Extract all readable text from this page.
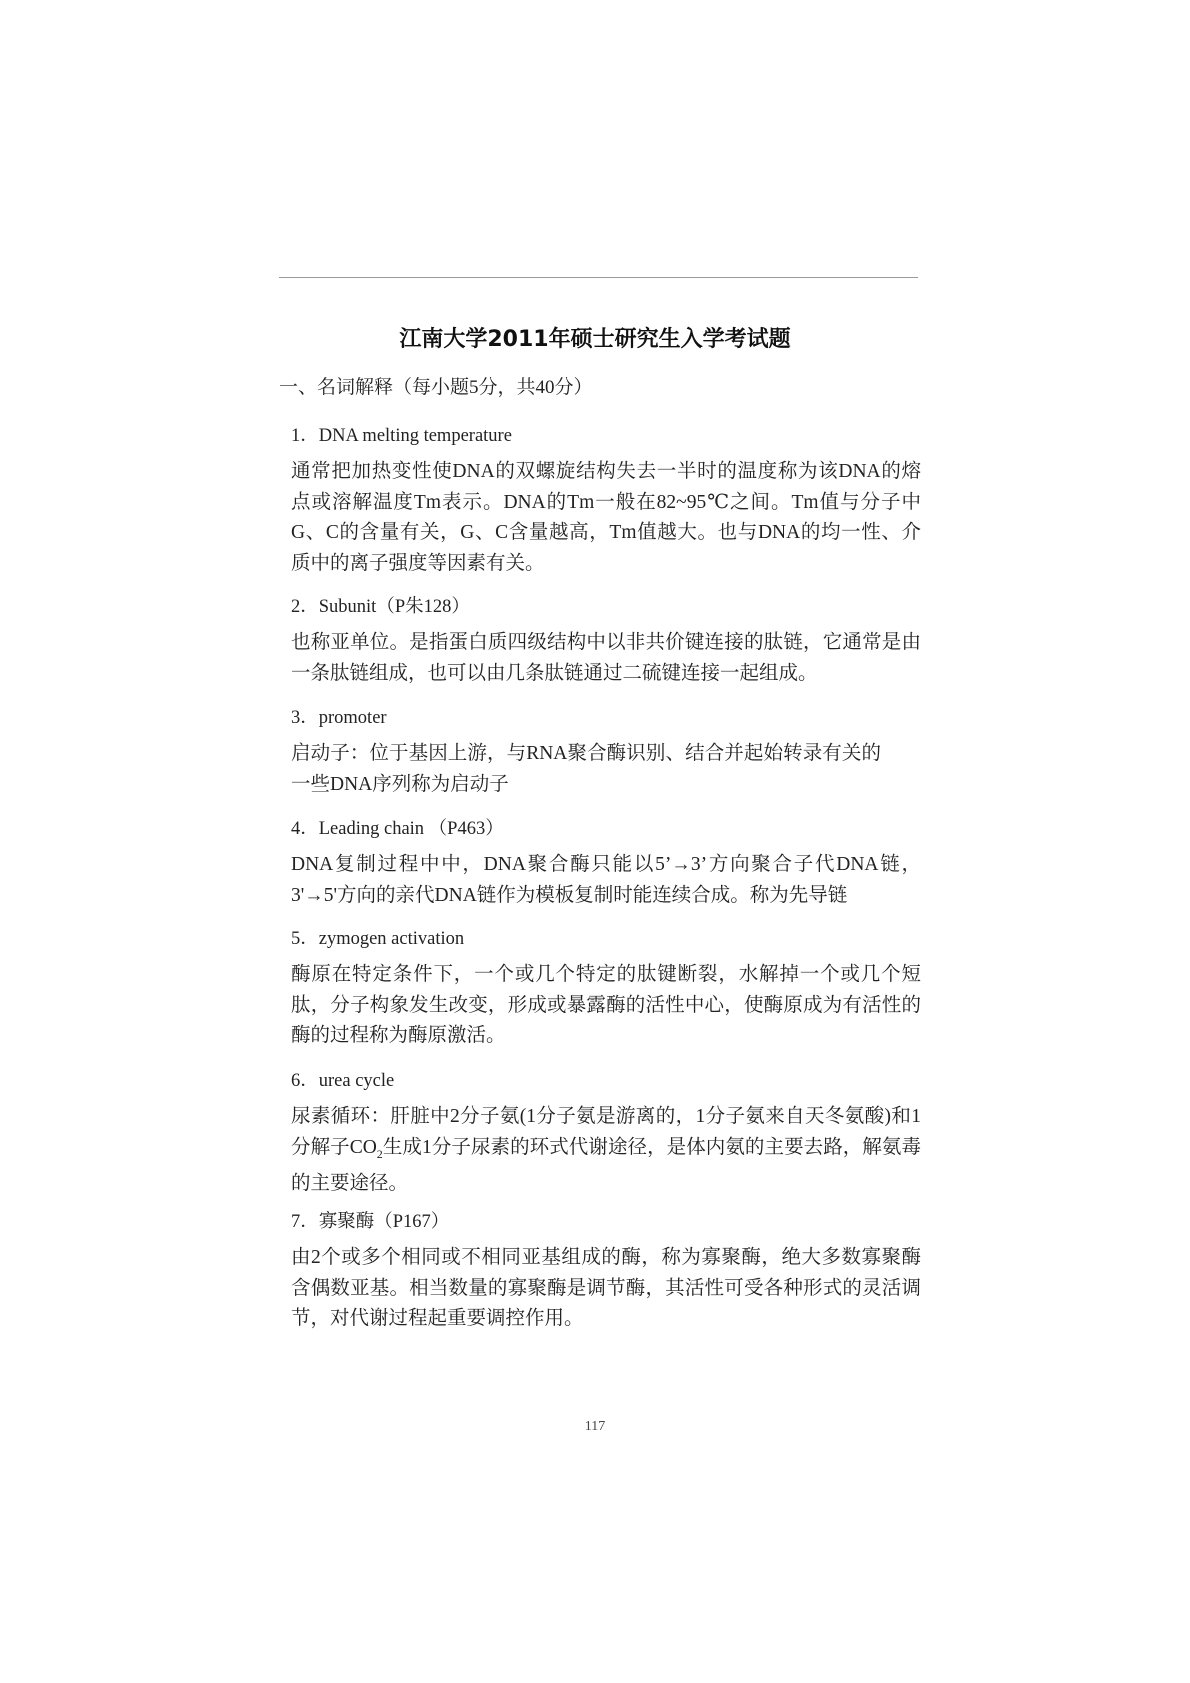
江南大学2011年硕士研究生入学考试题
一、名词解释（每小题5分，共40分）
1．DNA melting temperature
通常把加热变性使DNA的双螺旋结构失去一半时的温度称为该DNA的熔点或溶解温度Tm表示。DNA的Tm一般在82~95℃之间。Tm值与分子中G、C的含量有关，G、C含量越高，Tm值越大。也与DNA的均一性、介质中的离子强度等因素有关。
2．Subunit（P朱128）
也称亚单位。是指蛋白质四级结构中以非共价键连接的肽链，它通常是由一条肽链组成，也可以由几条肽链通过二硫键连接一起组成。
3．promoter
启动子：位于基因上游，与RNA聚合酶识别、结合并起始转录有关的一些DNA序列称为启动子
4．Leading chain （P463）
DNA复制过程中中，DNA聚合酶只能以5’→3’方向聚合子代DNA链，3'→5'方向的亲代DNA链作为模板复制时能连续合成。称为先导链
5．zymogen activation
酶原在特定条件下，一个或几个特定的肽键断裂，水解掉一个或几个短肽，分子构象发生改变，形成或暴露酶的活性中心，使酶原成为有活性的酶的过程称为酶原激活。
6．urea cycle
尿素循环：肝脏中2分子氨(1分子氨是游离的，1分子氨来自天冬氨酸)和1分解子$CO_2$生成1分子尿素的环式代谢途径，是体内氨的主要去路，解氨毒的主要途径。
7．寡聚酶（P167）
由2个或多个相同或不相同亚基组成的酶，称为寡聚酶，绝大多数寡聚酶含偶数亚基。相当数量的寡聚酶是调节酶，其活性可受各种形式的灵活调节，对代谢过程起重要调控作用。
117
